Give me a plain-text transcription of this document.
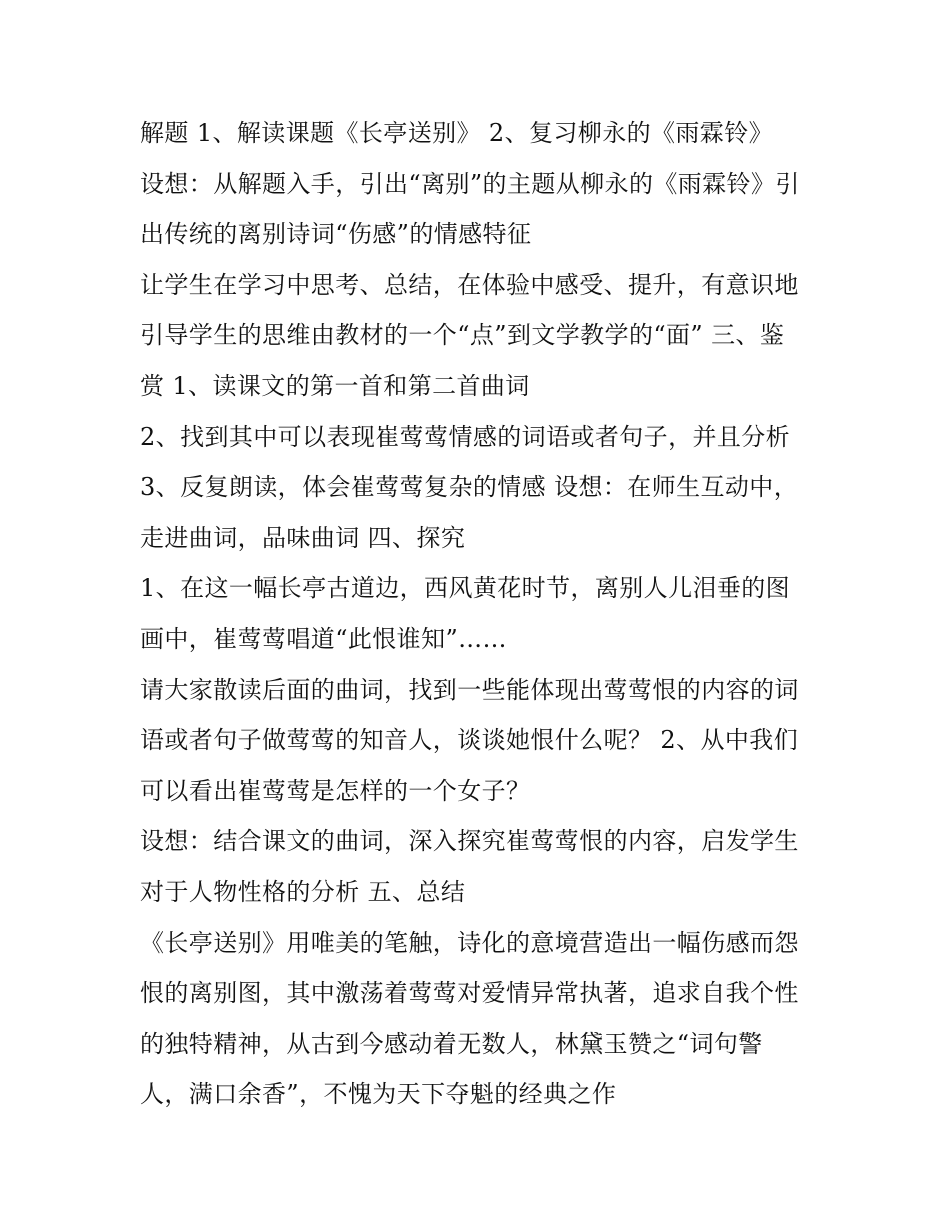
解题 1、解读课题《长亭送别》 2、复习柳永的《雨霖铃》
设想：从解题入手，引出“离别”的主题从柳永的《雨霖铃》引
出传统的离别诗词“伤感”的情感特征
让学生在学习中思考、总结，在体验中感受、提升，有意识地
引导学生的思维由教材的一个“点”到文学教学的“面” 三、鉴
赏 1、读课文的第一首和第二首曲词
2、找到其中可以表现崔莺莺情感的词语或者句子，并且分析
3、反复朗读，体会崔莺莺复杂的情感 设想：在师生互动中，
走进曲词，品味曲词 四、探究
1、在这一幅长亭古道边，西风黄花时节，离别人儿泪垂的图
画中，崔莺莺唱道“此恨谁知”……
请大家散读后面的曲词，找到一些能体现出莺莺恨的内容的词
语或者句子做莺莺的知音人，谈谈她恨什么呢？ 2、从中我们
可以看出崔莺莺是怎样的一个女子？
设想：结合课文的曲词，深入探究崔莺莺恨的内容，启发学生
对于人物性格的分析 五、总结
《长亭送别》用唯美的笔触，诗化的意境营造出一幅伤感而怨
恨的离别图，其中激荡着莺莺对爱情异常执著，追求自我个性
的独特精神，从古到今感动着无数人，林黛玉赞之“词句警
人，满口余香”，不愧为天下夺魁的经典之作
